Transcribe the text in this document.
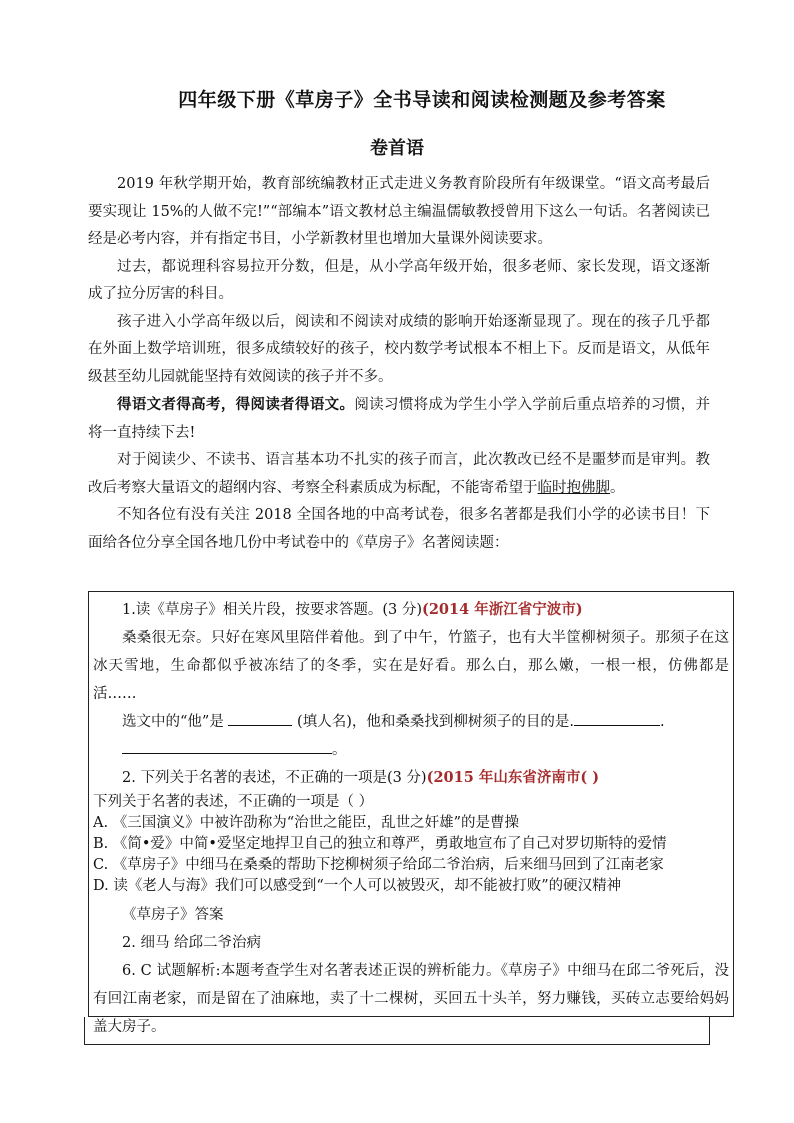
四年级下册《草房子》全书导读和阅读检测题及参考答案
卷首语

2019 年秋学期开始，教育部统编教材正式走进义务教育阶段所有年级课堂。“语文高考最后要实现让 15%的人做不完!”“部编本”语文教材总主编温儒敏教授曾用下这么一句话。名著阅读已经是必考内容，并有指定书目，小学新教材里也增加大量课外阅读要求。

过去，都说理科容易拉开分数，但是，从小学高年级开始，很多老师、家长发现，语文逐渐成了拉分厉害的科目。

孩子进入小学高年级以后，阅读和不阅读对成绩的影响开始逐渐显现了。现在的孩子几乎都在外面上数学培训班，很多成绩较好的孩子，校内数学考试根本不相上下。反而是语文，从低年级甚至幼儿园就能坚持有效阅读的孩子并不多。

得语文者得高考，得阅读者得语文。阅读习惯将成为学生小学入学前后重点培养的习惯，并将一直持续下去!

对于阅读少、不读书、语言基本功不扎实的孩子而言，此次教改已经不是噩梦而是审判。教改后考察大量语文的超纲内容、考察全科素质成为标配，不能寄希望于临时抱佛脚。

不知各位有没有关注 2018 全国各地的中高考试卷，很多名著都是我们小学的必读书目！下面给各位分享全国各地几份中考试卷中的《草房子》名著阅读题：

1.读《草房子》相关片段，按要求答题。(3 分)(2014 年浙江省宁波市)
桑桑很无奈。只好在寒风里陪伴着他。到了中午，竹篮子，也有大半筐柳树须子。那须子在这冰天雪地，生命都似乎被冻结了的冬季，实在是好看。那么白，那么嫩，一根一根，仿佛都是活……
选文中的“他”是	(填人名)，他和桑桑找到柳树须子的目的是.	.
。
2. 下列关于名著的表述，不正确的一项是(3 分)(2015 年山东省济南市( )
下列关于名著的表述，不正确的一项是（ ）
A. 《三国演义》中被许劭称为“治世之能臣，乱世之奸雄”的是曹操
B. 《简•爱》中简•爱坚定地捍卫自己的独立和尊严，勇敢地宣布了自己对罗切斯特的爱情
C. 《草房子》中细马在桑桑的帮助下挖柳树须子给邱二爷治病，后来细马回到了江南老家
D. 读《老人与海》我们可以感受到“一个人可以被毁灭，却不能被打败”的硬汉精神
《草房子》答案
2. 细马 给邱二爷治病
6. C 试题解析:本题考查学生对名著表述正误的辨析能力。《草房子》中细马在邱二爷死后，没有回江南老家，而是留在了油麻地，卖了十二棵树，买回五十头羊，努力赚钱，买砖立志要给妈妈盖大房子。
